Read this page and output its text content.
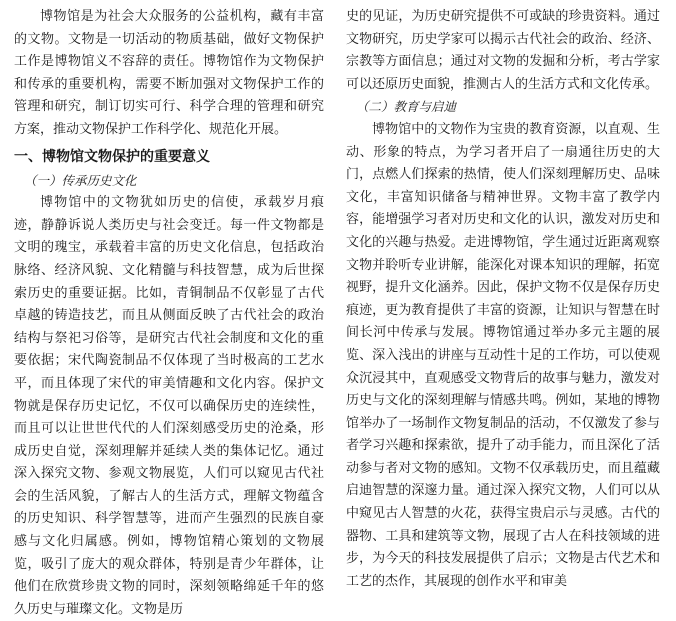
博物馆是为社会大众服务的公益机构，藏有丰富的文物。文物是一切活动的物质基础，做好文物保护工作是博物馆义不容辞的责任。博物馆作为文物保护和传承的重要机构，需要不断加强对文物保护工作的管理和研究，制订切实可行、科学合理的管理和研究方案，推动文物保护工作科学化、规范化开展。

一、博物馆文物保护的重要意义
（一）传承历史文化

博物馆中的文物犹如历史的信使，承载岁月痕迹，静静诉说人类历史与社会变迁。每一件文物都是文明的瑰宝，承载着丰富的历史文化信息，包括政治脉络、经济风貌、文化精髓与科技智慧，成为后世探索历史的重要证据。比如，青铜制品不仅彰显了古代卓越的铸造技艺，而且从侧面反映了古代社会的政治结构与祭祀习俗等，是研究古代社会制度和文化的重要依据；宋代陶瓷制品不仅体现了当时极高的工艺水平，而且体现了宋代的审美情趣和文化内容。保护文物就是保存历史记忆，不仅可以确保历史的连续性，而且可以让世世代代的人们深刻感受历史的沧桑，形成历史自觉，深刻理解并延续人类的集体记忆。通过深入探究文物、参观文物展览，人们可以窥见古代社会的生活风貌，了解古人的生活方式，理解文物蕴含的历史知识、科学智慧等，进而产生强烈的民族自豪感与文化归属感。例如，博物馆精心策划的文物展览，吸引了庞大的观众群体，特别是青少年群体，让他们在欣赏珍贵文物的同时，深刻领略绵延千年的悠久历史与璀璨文化。文物是历

史的见证，为历史研究提供不可或缺的珍贵资料。通过文物研究，历史学家可以揭示古代社会的政治、经济、宗教等方面信息；通过对文物的发掘和分析，考古学家可以还原历史面貌，推测古人的生活方式和文化传承。

（二）教育与启迪

博物馆中的文物作为宝贵的教育资源，以直观、生动、形象的特点，为学习者开启了一扇通往历史的大门，点燃人们探索的热情，使人们深刻理解历史、品味文化，丰富知识储备与精神世界。文物丰富了教学内容，能增强学习者对历史和文化的认识，激发对历史和文化的兴趣与热爱。走进博物馆，学生通过近距离观察文物并聆听专业讲解，能深化对课本知识的理解，拓宽视野，提升文化涵养。因此，保护文物不仅是保存历史痕迹，更为教育提供了丰富的资源，让知识与智慧在时间长河中传承与发展。博物馆通过举办多元主题的展览、深入浅出的讲座与互动性十足的工作坊，可以使观众沉浸其中，直观感受文物背后的故事与魅力，激发对历史与文化的深刻理解与情感共鸣。例如，某地的博物馆举办了一场制作文物复制品的活动，不仅激发了参与者学习兴趣和探索欲，提升了动手能力，而且深化了活动参与者对文物的感知。文物不仅承载历史，而且蕴藏启迪智慧的深邃力量。通过深入探究文物，人们可以从中窥见古人智慧的火花，获得宝贵启示与灵感。古代的器物、工具和建筑等文物，展现了古人在科技领域的进步，为今天的科技发展提供了启示；文物是古代艺术和工艺的杰作，其展现的创作水平和审美
